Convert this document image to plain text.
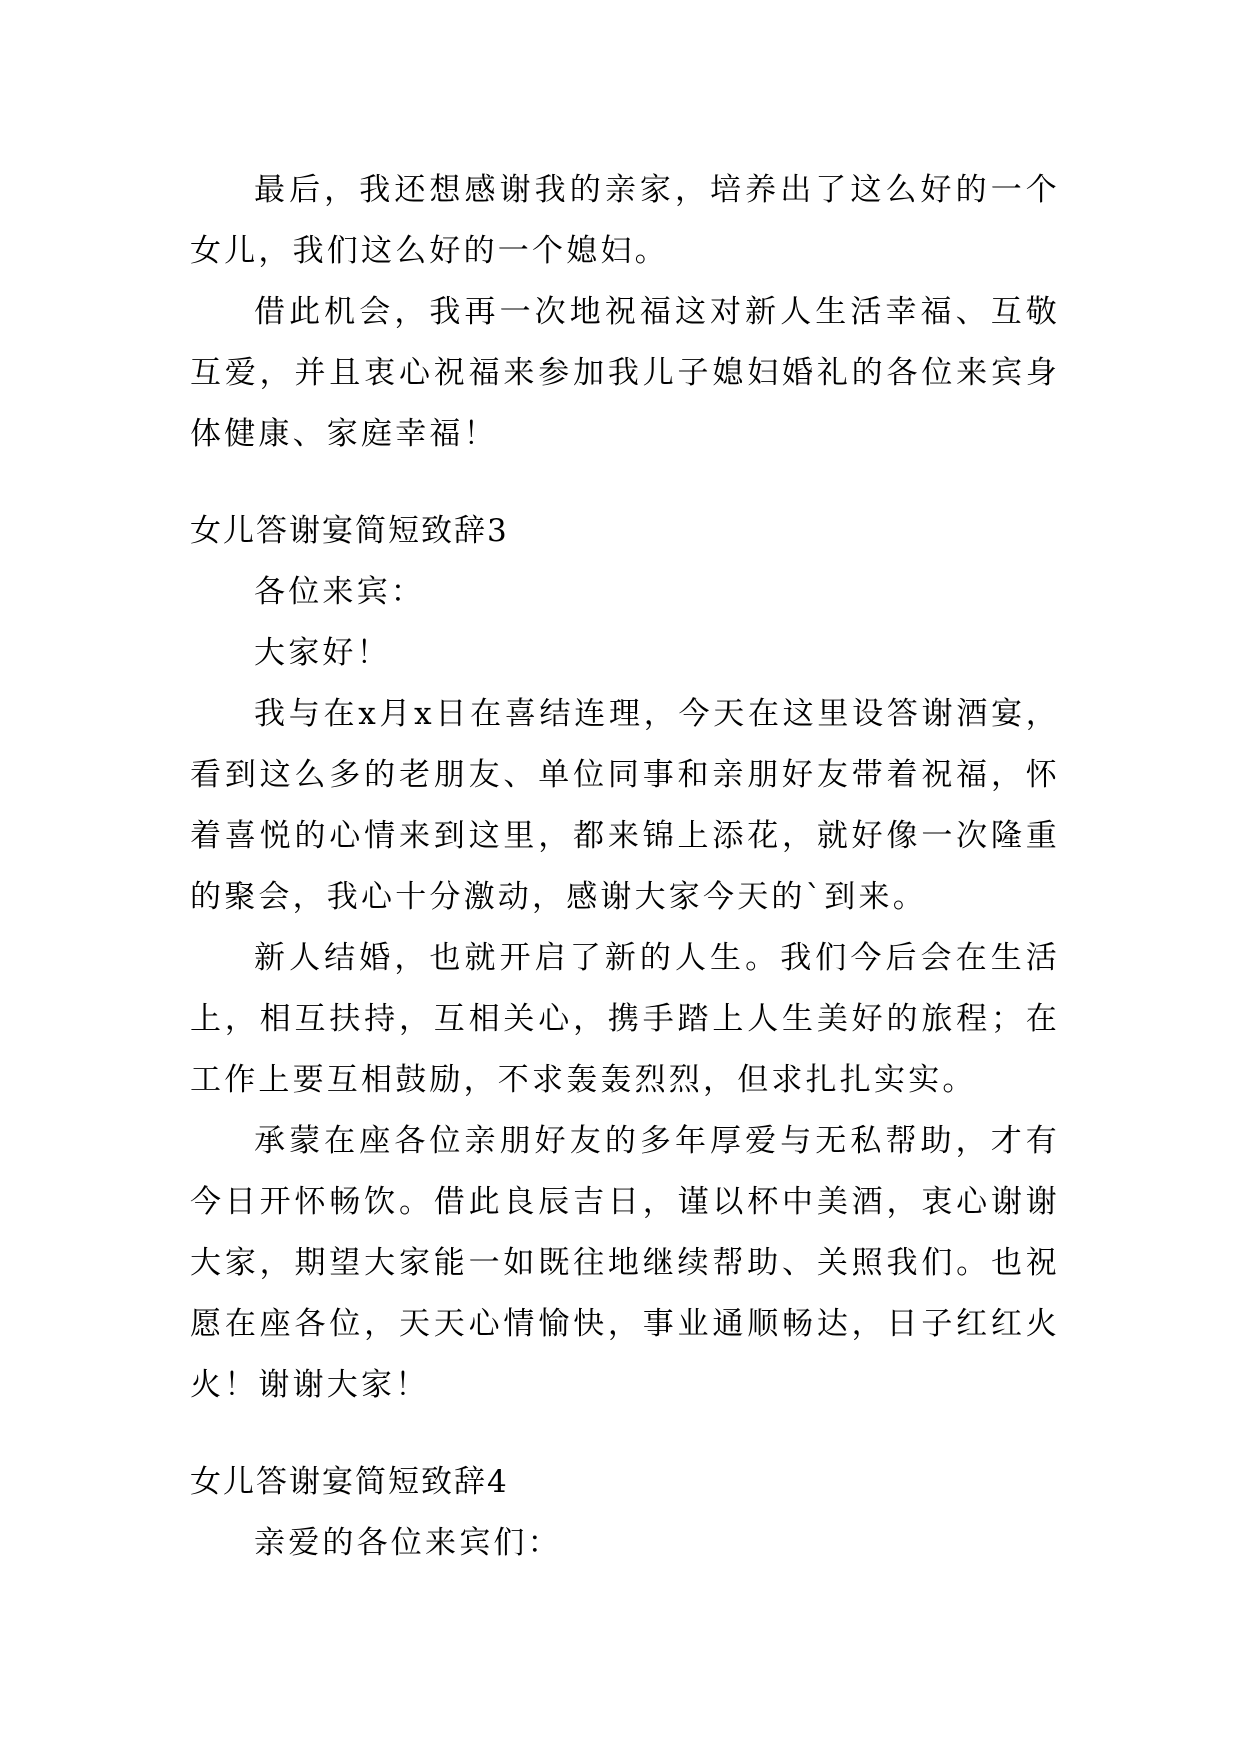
最后，我还想感谢我的亲家，培养出了这么好的一个女儿，我们这么好的一个媳妇。

借此机会，我再一次地祝福这对新人生活幸福、互敬互爱，并且衷心祝福来参加我儿子媳妇婚礼的各位来宾身体健康、家庭幸福！

女儿答谢宴简短致辞3

各位来宾：

大家好！

我与在x月x日在喜结连理，今天在这里设答谢酒宴，看到这么多的老朋友、单位同事和亲朋好友带着祝福，怀着喜悦的心情来到这里，都来锦上添花，就好像一次隆重的聚会，我心十分激动，感谢大家今天的`到来。

新人结婚，也就开启了新的人生。我们今后会在生活上，相互扶持，互相关心，携手踏上人生美好的旅程；在工作上要互相鼓励，不求轰轰烈烈，但求扎扎实实。

承蒙在座各位亲朋好友的多年厚爱与无私帮助，才有今日开怀畅饮。借此良辰吉日，谨以杯中美酒，衷心谢谢大家，期望大家能一如既往地继续帮助、关照我们。也祝愿在座各位，天天心情愉快，事业通顺畅达，日子红红火火！谢谢大家！

女儿答谢宴简短致辞4

亲爱的各位来宾们：
